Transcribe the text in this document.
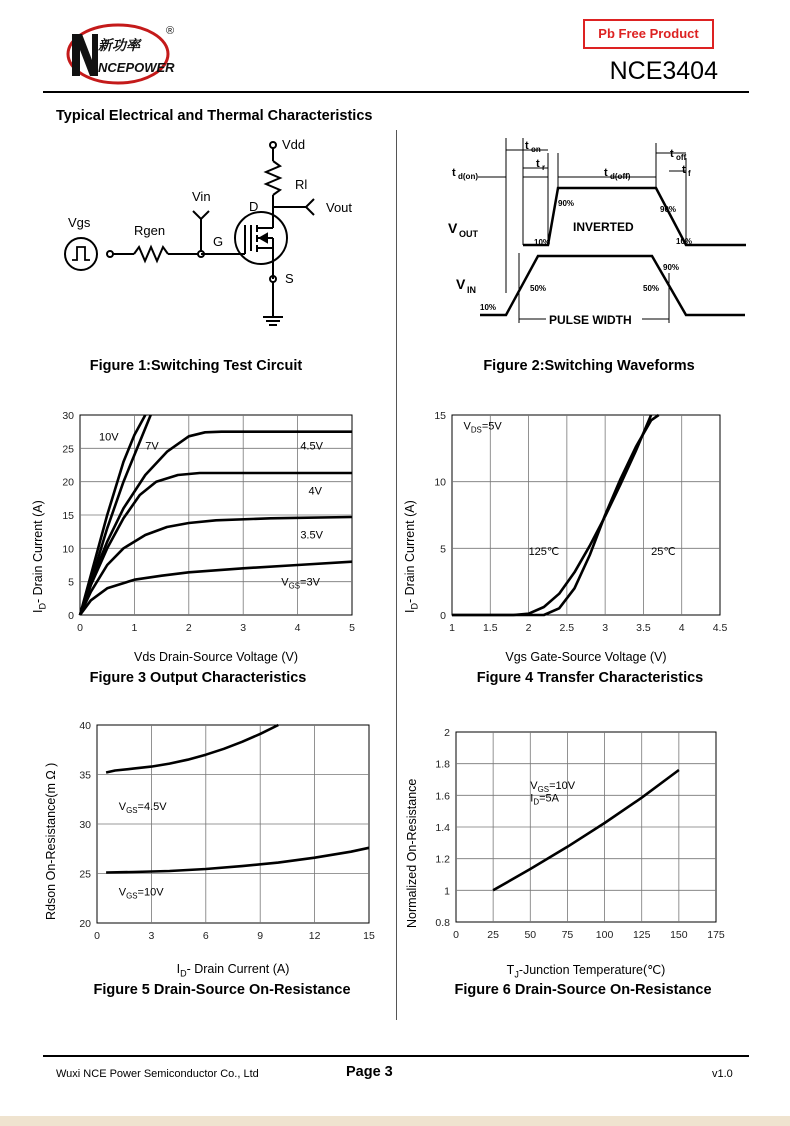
新功率
NCEPOWER
®	Pb Free Product
NCE3404
Typical Electrical and Thermal Characteristics
Vdd
Rl
Vout
Vin
D
G
S
Vgs
Rgen
Figure 1:Switching Test Circuit
t on
t r
t d(on)	t d(off)
t off
t f
V OUT
V IN
INVERTED
PULSE WIDTH
90%
90%
90%
10%	10%
10%
50%	50%
Figure 2:Switching Waveforms
0	1	2	3	4	5
0
5
10
15
20
25
30
10V
7V	4.5V
4V
3.5V
$V_{GS}=3V$
Vds Drain-Source Voltage (V)
$I_D-$ Drain Current (A)
Figure 3 Output Characteristics
1	1.5	2	2.5	3	3.5	4	4.5
0
5
10
15
125℃	25℃
$V_{DS}=5V$
Vgs Gate-Source Voltage (V)
$I_D-$ Drain Current (A)
Figure 4 Transfer Characteristics
0	3	6	9	12	15
20
25
30
35
40
$V_{GS}=4.5V$
$V_{GS}=10V$
$I_D-$ Drain Current (A)
Rdson On-Resistance(m Ω )
Figure 5 Drain-Source On-Resistance
0	25 50 75 100 125 150 175
0.8
1
1.2
1.4
1.6
1.8
2
$V_{GS}=10V$
$I_D=5A$
$T_J$-Junction Temperature(℃)
Normalized On-Resistance
Figure 6 Drain-Source On-Resistance
Wuxi NCE Power Semiconductor Co., Ltd	Page 3	v1.0
